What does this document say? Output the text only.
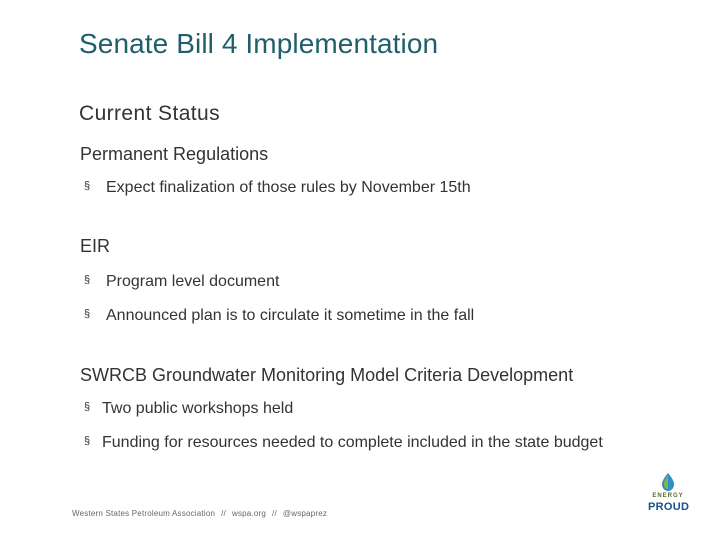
Senate Bill 4 Implementation
Current Status
Permanent Regulations
§ Expect finalization of those rules by November 15th
EIR
§ Program level document
§ Announced plan is to circulate it sometime in the fall
SWRCB Groundwater Monitoring Model Criteria Development
§ Two public workshops held
§ Funding for resources needed to complete included in the state budget
Western States Petroleum Association // wspa.org // @wspaprez
ENERGY
PROUD
